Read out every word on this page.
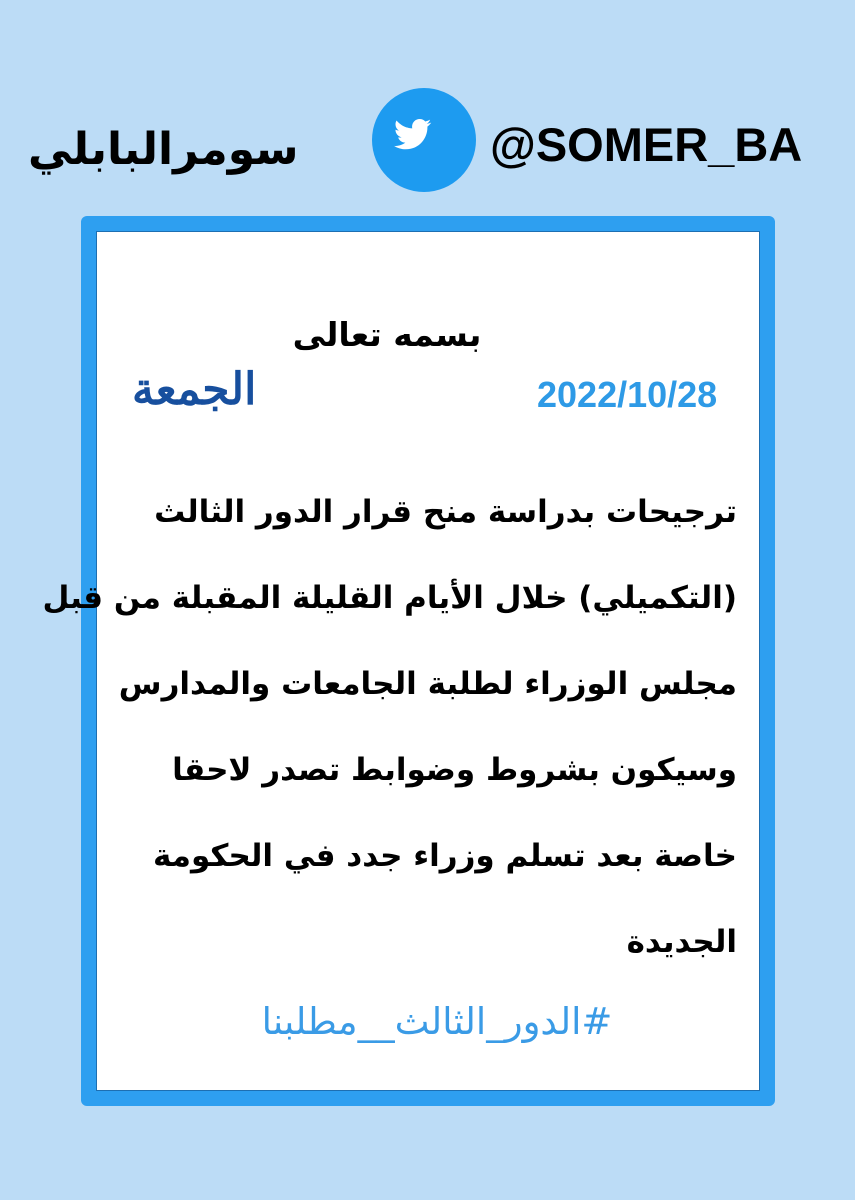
سومرالبابلي	@SOMER_BA
بسمه تعالى
الجمعة	2022/10/28
ترجيحات بدراسة منح قرار الدور الثالث
(التكميلي) خلال الأيام القليلة المقبلة من قبل
مجلس الوزراء لطلبة الجامعات والمدارس
وسيكون بشروط وضوابط تصدر لاحقا
خاصة بعد تسلم وزراء جدد في الحكومة
الجديدة
#الدور_الثالث__مطلبنا
